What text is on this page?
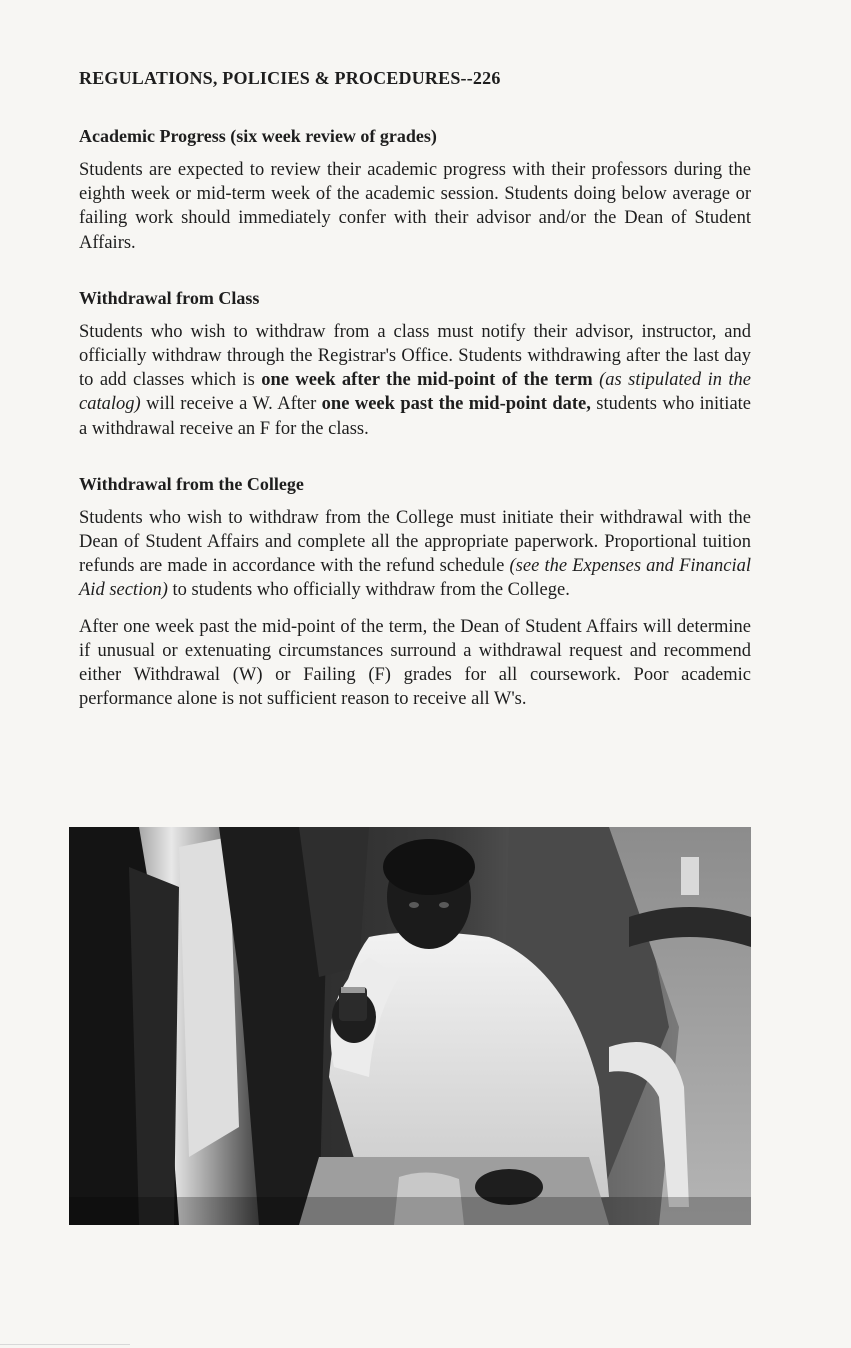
REGULATIONS, POLICIES & PROCEDURES--226
Academic Progress (six week review of grades)

Students are expected to review their academic progress with their professors during the eighth week or mid-term week of the academic session. Students doing below average or failing work should immediately confer with their advisor and/or the Dean of Student Affairs.

Withdrawal from Class

Students who wish to withdraw from a class must notify their advisor, instructor, and officially withdraw through the Registrar's Office. Students withdrawing after the last day to add classes which is one week after the mid-point of the term (as stipulated in the catalog) will receive a W. After one week past the mid-point date, students who initiate a withdrawal receive an F for the class.

Withdrawal from the College

Students who wish to withdraw from the College must initiate their withdrawal with the Dean of Student Affairs and complete all the appropriate paperwork. Proportional tuition refunds are made in accordance with the refund schedule (see the Expenses and Financial Aid section) to students who officially withdraw from the College.

After one week past the mid-point of the term, the Dean of Student Affairs will determine if unusual or extenuating circumstances surround a withdrawal request and recommend either Withdrawal (W) or Failing (F) grades for all coursework. Poor academic performance alone is not sufficient reason to receive all W's.
